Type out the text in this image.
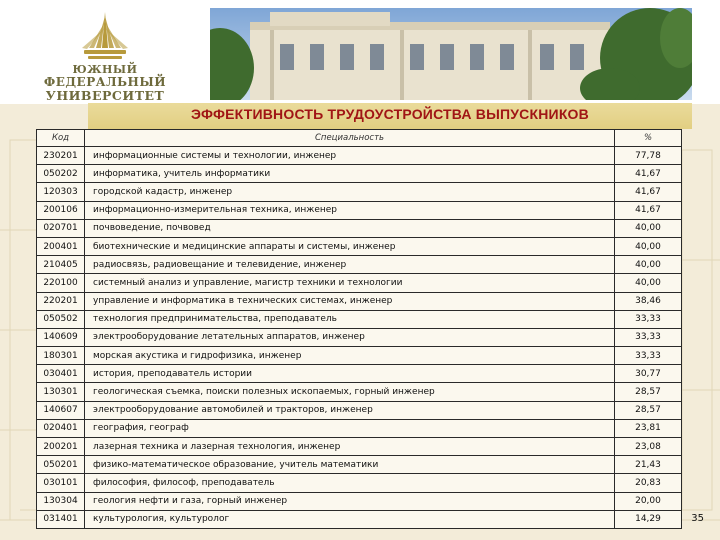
ЮЖНЫЙ
ФЕДЕРАЛЬНЫЙ
УНИВЕРСИТЕТ
ЭФФЕКТИВНОСТЬ ТРУДОУСТРОЙСТВА ВЫПУСКНИКОВ
Код	Специальность	%
230201	информационные системы и технологии, инженер	77,78
050202	информатика, учитель информатики	41,67
120303	городской кадастр, инженер	41,67
200106	информационно-измерительная техника, инженер	41,67
020701	почвоведение, почвовед	40,00
200401	биотехнические и медицинские аппараты и системы, инженер	40,00
210405	радиосвязь, радиовещание и телевидение, инженер	40,00
220100	системный анализ и управление, магистр техники и технологии	40,00
220201	управление и информатика в технических системах, инженер	38,46
050502	технология предпринимательства, преподаватель	33,33
140609	электрооборудование летательных аппаратов, инженер	33,33
180301	морская акустика и гидрофизика, инженер	33,33
030401	история, преподаватель истории	30,77
130301	геологическая съемка, поиски полезных ископаемых, горный инженер	28,57
140607	электрооборудование автомобилей и тракторов, инженер	28,57
020401	география, географ	23,81
200201	лазерная техника и лазерная технология, инженер	23,08
050201	физико-математическое образование, учитель математики	21,43
030101	философия, философ, преподаватель	20,83
130304	геология нефти и газа, горный инженер	20,00
031401	культурология, культуролог	14,29	35
